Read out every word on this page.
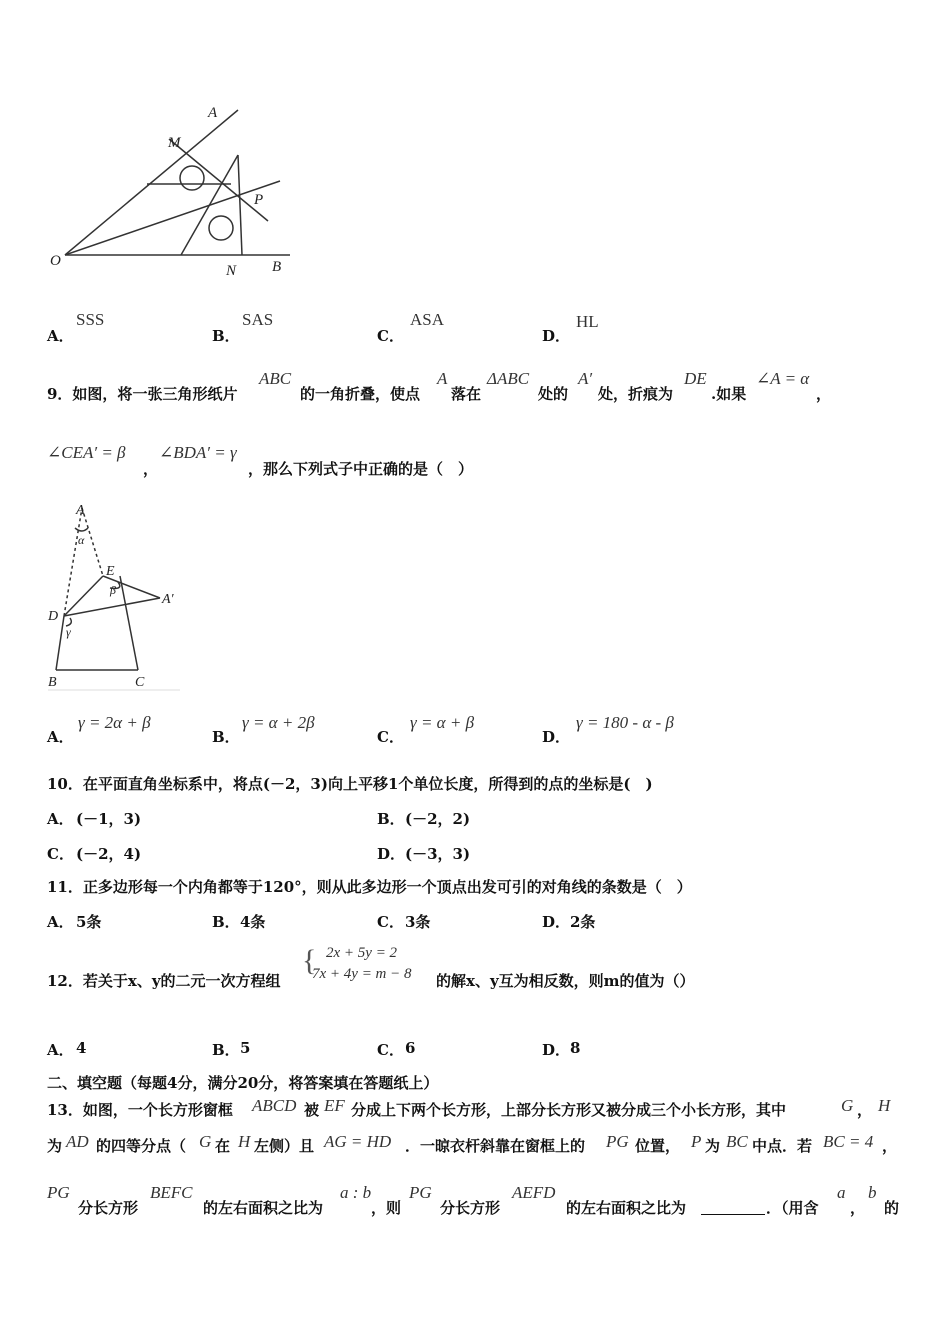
A
M
P
O
N B
A．
SSS
B．
SAS
C．
ASA
D．
HL
9．如图，将一张三角形纸片
ABC
的一角折叠，使点
A
落在
ΔABC
处的
A′
处，折痕为
DE
.如果
∠A = α
，
∠CEA′ = β
，
∠BDA′ = γ
，那么下列式子中正确的是（　）
A
α
E
β
A′
D
γ
B	C
A．
γ = 2α + β
B．
γ = α + 2β
C．
γ = α + β
D．
γ = 180 - α - β
10．在平面直角坐标系中，将点(－2，3)向上平移1个单位长度，所得到的点的坐标是(　)
A． (－1，3)	B． (－2，2)
C． (－2，4)	D． (－3，3)
11．正多边形每一个内角都等于120°，则从此多边形一个顶点出发可引的对角线的条数是（　）
A． 5条	B． 4条	C． 3条	D． 2条
12．若关于x、y的二元一次方程组
{ 2x + 5y = 2
7x + 4y = m − 8 的解x、y互为相反数，则m的值为（）
A． 4	B． 5	C． 6	D． 8
二、填空题（每题4分，满分20分，将答案填在答题纸上）
13．如图，一个长方形窗框 ABCD 被 EF 分成上下两个长方形，上部分长方形又被分成三个小长方形，其中	G ， H
为 AD 的四等分点（ G 在 H 左侧）且 AG = HD ．一晾衣杆斜靠在窗框上的 PG 位置， P 为 BC 中点．若 BC = 4 ，
PG
分长方形
BEFC
的左右面积之比为
a : b
，则
PG
分长方形
AEFD
的左右面积之比为	．（用含
a
，
b
的
